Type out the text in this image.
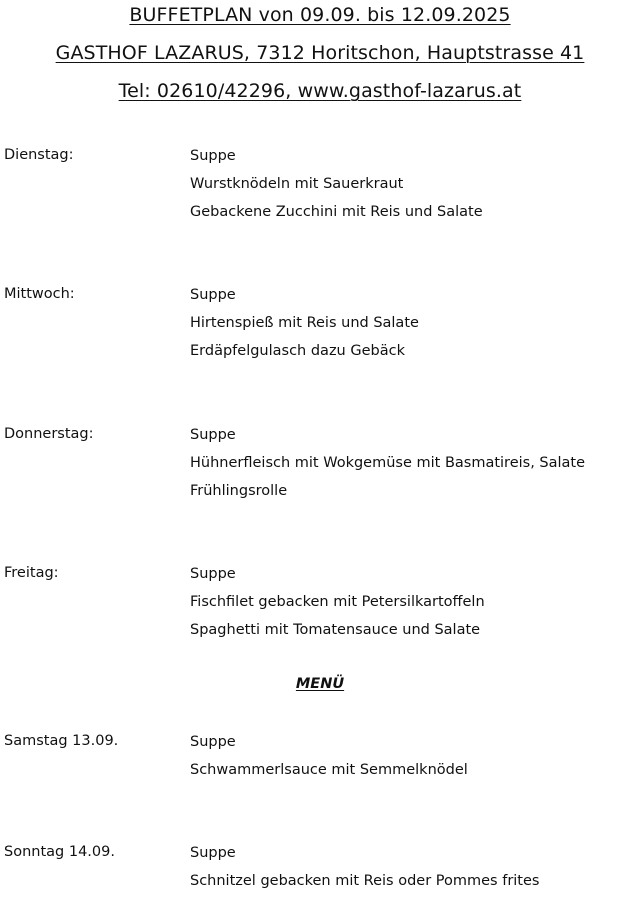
BUFFETPLAN von 09.09. bis 12.09.2025
GASTHOF LAZARUS, 7312 Horitschon, Hauptstrasse 41
Tel: 02610/42296, www.gasthof-lazarus.at
Dienstag:	Suppe
Wurstknödeln mit Sauerkraut
Gebackene Zucchini mit Reis und Salate
Mittwoch:	Suppe
Hirtenspieß mit Reis und Salate
Erdäpfelgulasch dazu Gebäck
Donnerstag:	Suppe
Hühnerfleisch mit Wokgemüse mit Basmatireis, Salate
Frühlingsrolle
Freitag:	Suppe
Fischfilet gebacken mit Petersilkartoffeln
Spaghetti mit Tomatensauce und Salate
MENÜ
Samstag 13.09.	Suppe
Schwammerlsauce mit Semmelknödel
Sonntag 14.09.	Suppe
Schnitzel gebacken mit Reis oder Pommes frites
